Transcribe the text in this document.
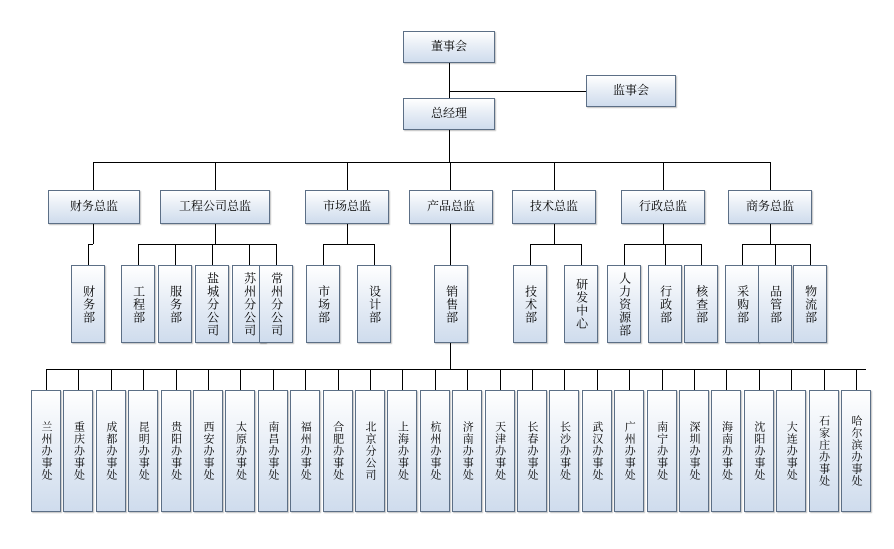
董事会
监事会
总经理
财务总监	工程公司总监	市场总监	产品总监	技术总监	行政总监	商务总监
财务部	工程部	服务部	盐城分公司	苏州分公司	常州分公司	市场部	设计部	销售部	技术部	研发中心	人力资源部	行政部	核查部	采购部	品管部	物流部
兰州办事处	重庆办事处	成都办事处	昆明办事处	贵阳办事处	西安办事处	太原办事处	南昌办事处	福州办事处	合肥办事处	北京分公司	上海办事处	杭州办事处	济南办事处	天津办事处	长春办事处	长沙办事处	武汉办事处	广州办事处	南宁办事处	深圳办事处	海南办事处	沈阳办事处	大连办事处	石家庄办事处	哈尔滨办事处
